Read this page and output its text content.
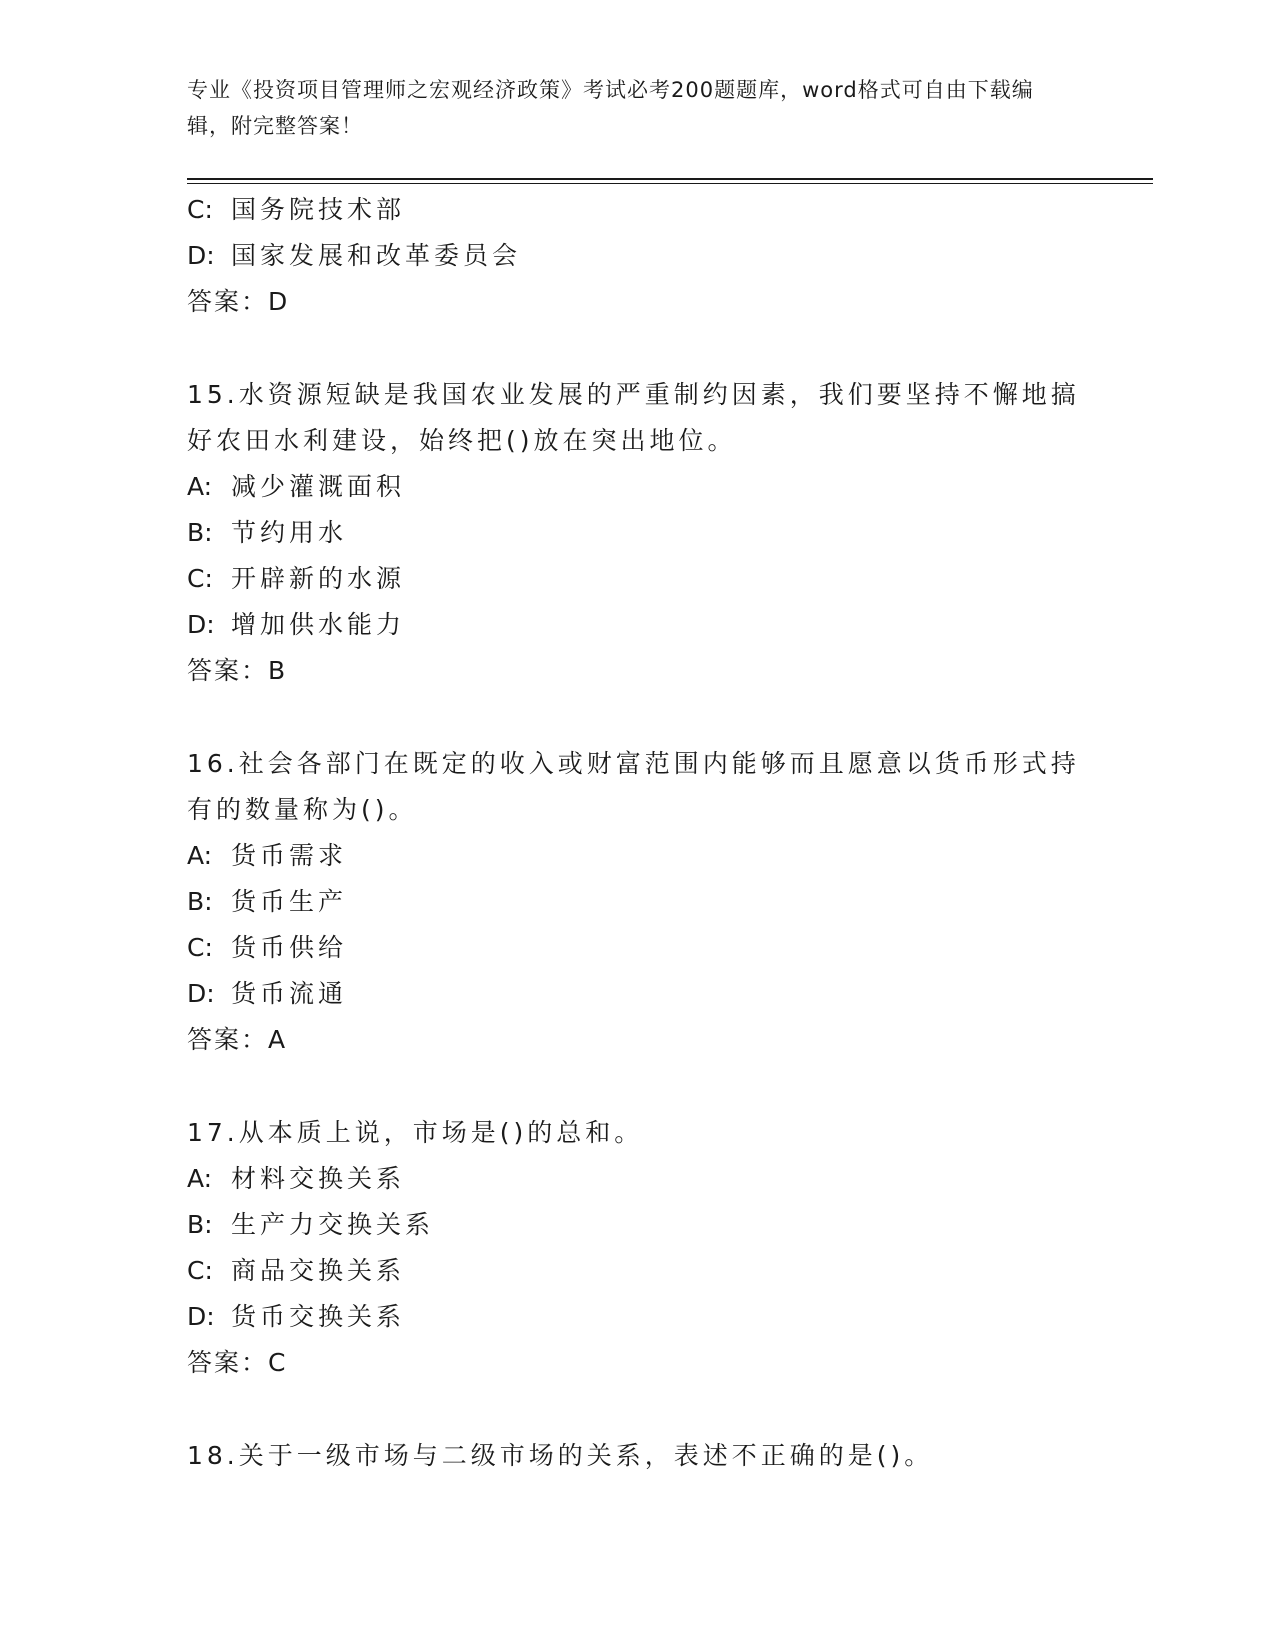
专业《投资项目管理师之宏观经济政策》考试必考200题题库，word格式可自由下载编辑，附完整答案！
C: 国务院技术部
D: 国家发展和改革委员会
答案：D
15.水资源短缺是我国农业发展的严重制约因素，我们要坚持不懈地搞
好农田水利建设，始终把()放在突出地位。
A: 减少灌溉面积
B: 节约用水
C: 开辟新的水源
D: 增加供水能力
答案：B
16.社会各部门在既定的收入或财富范围内能够而且愿意以货币形式持
有的数量称为()。
A: 货币需求
B: 货币生产
C: 货币供给
D: 货币流通
答案：A
17.从本质上说，市场是()的总和。
A: 材料交换关系
B: 生产力交换关系
C: 商品交换关系
D: 货币交换关系
答案：C
18.关于一级市场与二级市场的关系，表述不正确的是()。
